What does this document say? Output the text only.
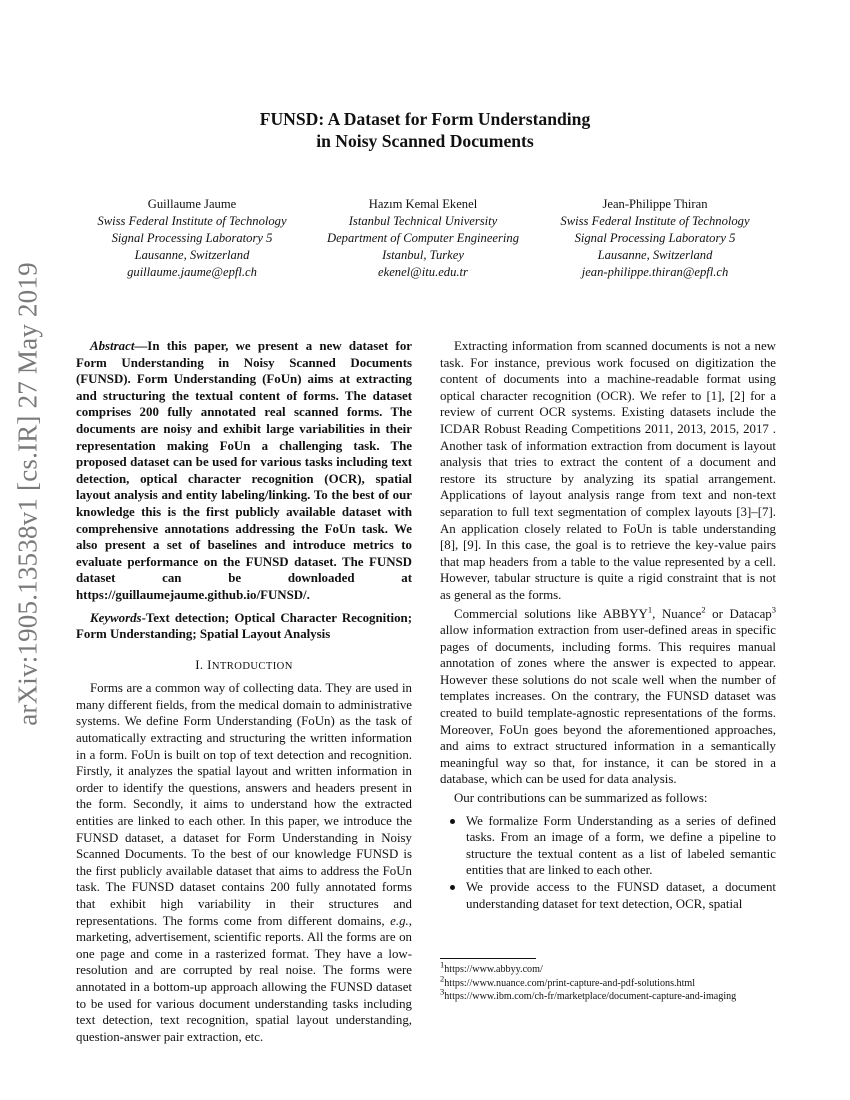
FUNSD: A Dataset for Form Understanding
in Noisy Scanned Documents
Guillaume Jaume
Swiss Federal Institute of Technology
Signal Processing Laboratory 5
Lausanne, Switzerland
guillaume.jaume@epfl.ch
Hazım Kemal Ekenel
Istanbul Technical University
Department of Computer Engineering
Istanbul, Turkey
ekenel@itu.edu.tr
Jean-Philippe Thiran
Swiss Federal Institute of Technology
Signal Processing Laboratory 5
Lausanne, Switzerland
jean-philippe.thiran@epfl.ch
arXiv:1905.13538v1 [cs.IR] 27 May 2019	Abstract—In this paper, we present a new dataset for Form Understanding in Noisy Scanned Documents (FUNSD). Form Understanding (FoUn) aims at extracting and structuring the textual content of forms. The dataset comprises 200 fully annotated real scanned forms. The documents are noisy and exhibit large variabilities in their representation making FoUn a challenging task. The proposed dataset can be used for various tasks including text detection, optical character recognition (OCR), spatial layout analysis and entity labeling/linking. To the best of our knowledge this is the first publicly available dataset with comprehensive annotations addressing the FoUn task. We also present a set of baselines and introduce metrics to evaluate performance on the FUNSD dataset. The FUNSD dataset can be downloaded at https://guillaumejaume.github.io/FUNSD/.

Keywords-Text detection; Optical Character Recognition; Form Understanding; Spatial Layout Analysis

I. INTRODUCTION

Forms are a common way of collecting data. They are used in many different fields, from the medical domain to administrative systems. We define Form Understanding (FoUn) as the task of automatically extracting and structuring the written information in a form. FoUn is built on top of text detection and recognition. Firstly, it analyzes the spatial layout and written information in order to identify the questions, answers and headers present in the form. Secondly, it aims to understand how the extracted entities are linked to each other. In this paper, we introduce the FUNSD dataset, a dataset for Form Understanding in Noisy Scanned Documents. To the best of our knowledge FUNSD is the first publicly available dataset that aims to address the FoUn task. The FUNSD dataset contains 200 fully annotated forms that exhibit high variability in their structures and representations. The forms come from different domains, e.g., marketing, advertisement, scientific reports. All the forms are on one page and come in a rasterized format. They have a low-resolution and are corrupted by real noise. The forms were annotated in a bottom-up approach allowing the FUNSD dataset to be used for various document understanding tasks including text detection, text recognition, spatial layout understanding, question-answer pair extraction, etc.

Extracting information from scanned documents is not a new task. For instance, previous work focused on digitization the content of documents into a machine-readable format using optical character recognition (OCR). We refer to [1], [2] for a review of current OCR systems. Existing datasets include the ICDAR Robust Reading Competitions 2011, 2013, 2015, 2017 . Another task of information extraction from document is layout analysis that tries to extract the content of a document and restore its structure by analyzing its spatial arrangement. Applications of layout analysis range from text and non-text separation to full text segmentation of complex layouts [3]–[7]. An application closely related to FoUn is table understanding [8], [9]. In this case, the goal is to retrieve the key-value pairs that map headers from a table to the value represented by a cell. However, tabular structure is quite a rigid constraint that is not as general as the forms.

Commercial solutions like ABBYY$^1$, Nuance$^2$ or Datacap$^3$ allow information extraction from user-defined areas in specific pages of documents, including forms. This requires manual annotation of zones where the answer is expected to appear. However these solutions do not scale well when the number of templates increases. On the contrary, the FUNSD dataset was created to build template-agnostic representations of the forms. Moreover, FoUn goes beyond the aforementioned approaches, and aims to extract structured information in a semantically meaningful way so that, for instance, it can be stored in a database, which can be used for data analysis.

Our contributions can be summarized as follows:

We formalize Form Understanding as a series of defined tasks. From an image of a form, we define a pipeline to structure the textual content as a list of labeled semantic entities that are linked to each other.
We provide access to the FUNSD dataset, a document understanding dataset for text detection, OCR, spatial
$^1$https://www.abbyy.com/
$^2$https://www.nuance.com/print-capture-and-pdf-solutions.html
$^3$https://www.ibm.com/ch-fr/marketplace/document-capture-and-imaging
